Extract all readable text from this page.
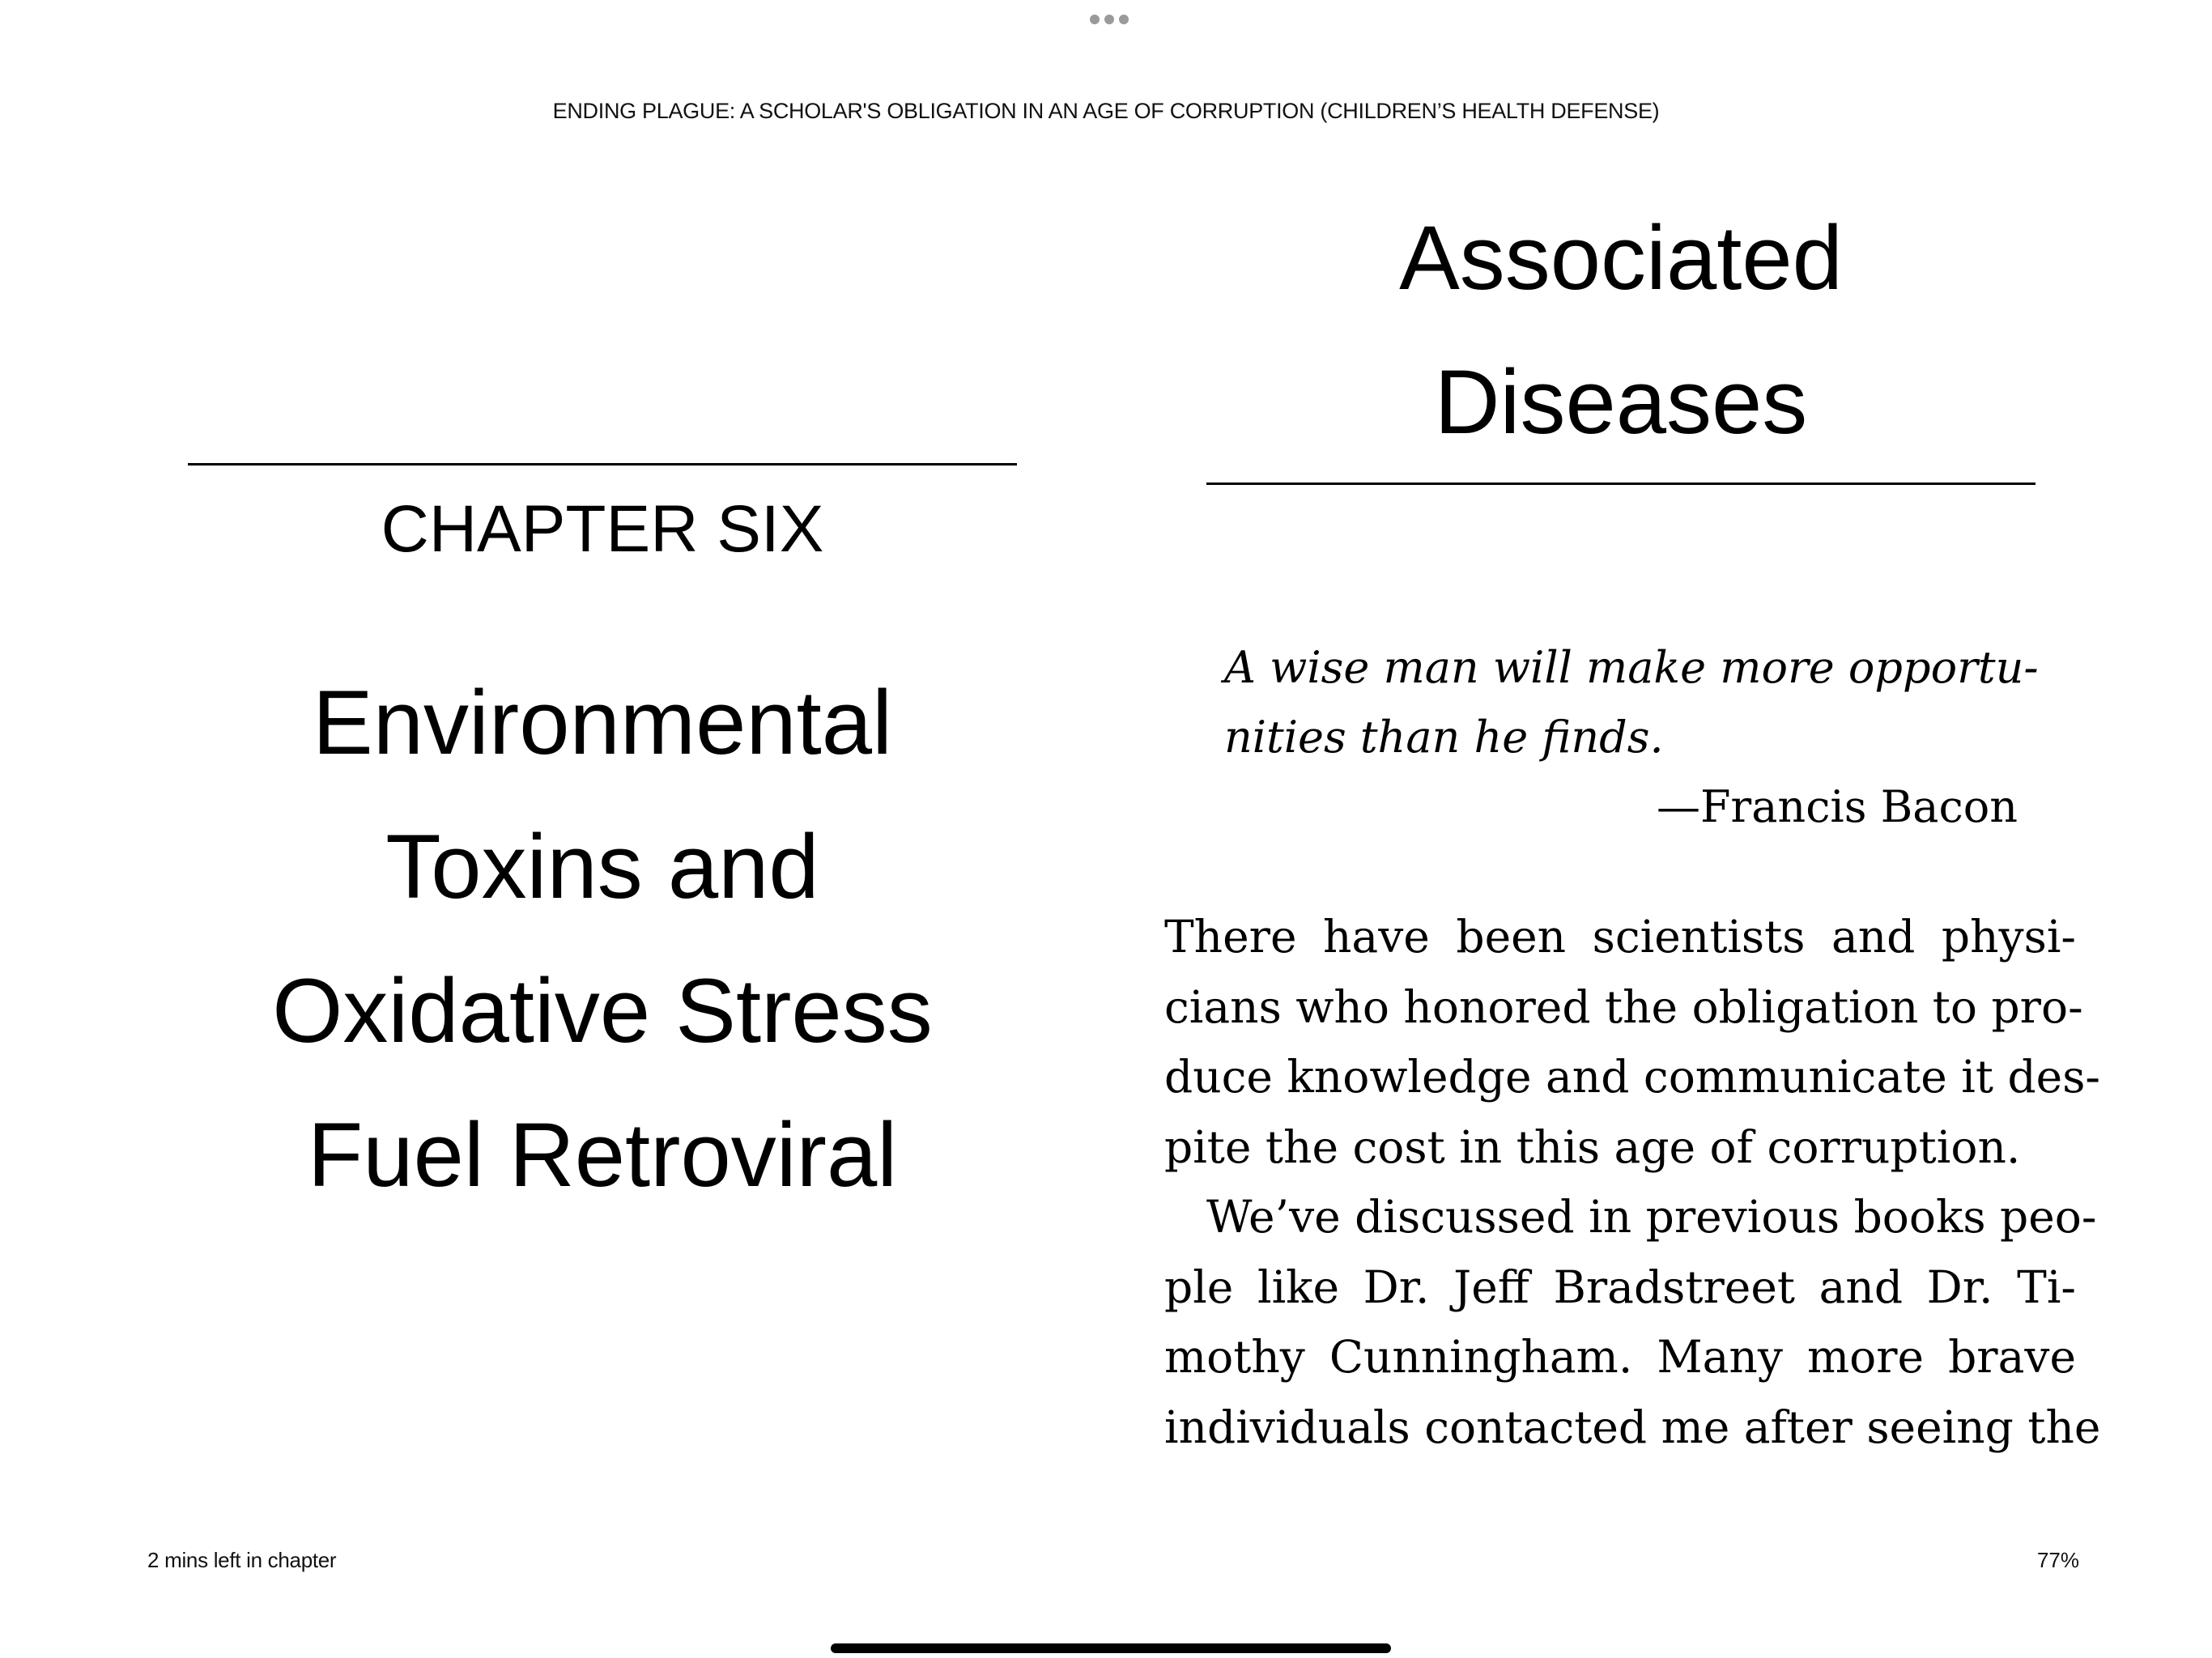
ENDING PLAGUE: A SCHOLAR'S OBLIGATION IN AN AGE OF CORRUPTION (CHILDREN’S HEALTH DEFENSE)
CHAPTER SIX
Environmental
Toxins and
Oxidative Stress
Fuel Retroviral
Associated
Diseases
A wise man will make more opportu-
nities than he finds.
—Francis Bacon
There have been scientists and physi-
cians who honored the obligation to pro-
duce knowledge and communicate it des-
pite the cost in this age of corruption.
We’ve discussed in previous books peo-
ple like Dr. Jeff Bradstreet and Dr. Ti-
mothy Cunningham. Many more brave
individuals contacted me after seeing the
2 mins left in chapter	77%
